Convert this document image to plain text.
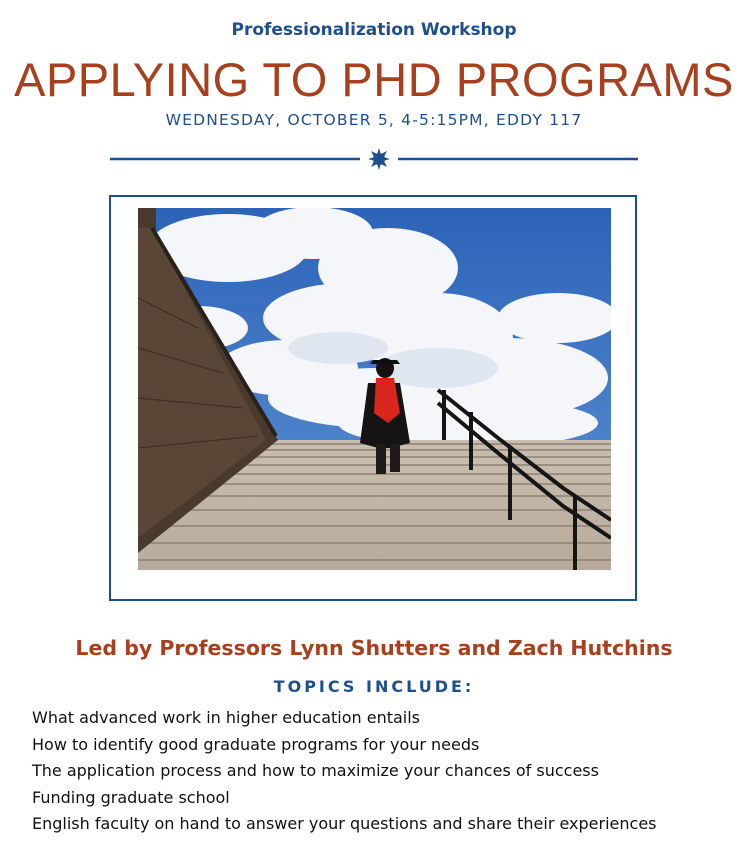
Professionalization Workshop
APPLYING TO PHD PROGRAMS
WEDNESDAY, OCTOBER 5, 4-5:15PM, EDDY 117
Led by Professors Lynn Shutters and Zach Hutchins
TOPICS INCLUDE:
What advanced work in higher education entails
How to identify good graduate programs for your needs
The application process and how to maximize your chances of success
Funding graduate school
English faculty on hand to answer your questions and share their experiences
